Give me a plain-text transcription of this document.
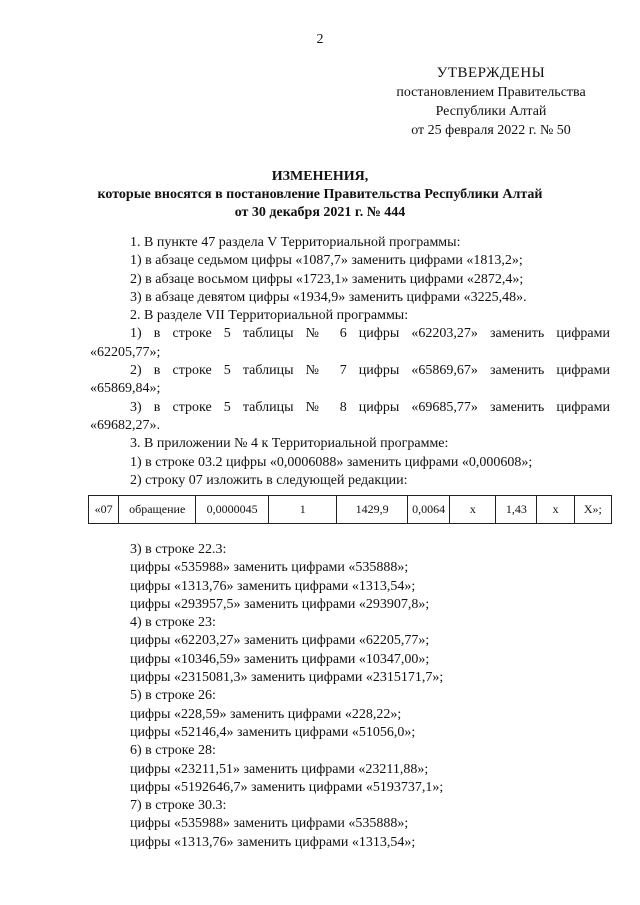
2
УТВЕРЖДЕНЫ
постановлением Правительства
Республики Алтай
от 25 февраля 2022 г. № 50
ИЗМЕНЕНИЯ,
которые вносятся в постановление Правительства Республики Алтай
от 30 декабря 2021 г. № 444
1. В пункте 47 раздела V Территориальной программы:
1) в абзаце седьмом цифры «1087,7» заменить цифрами «1813,2»;
2) в абзаце восьмом цифры «1723,1» заменить цифрами «2872,4»;
3) в абзаце девятом цифры «1934,9» заменить цифрами «3225,48».
2. В разделе VII Территориальной программы:
1) в строке 5 таблицы № 6 цифры «62203,27» заменить цифрами
«62205,77»;
2) в строке 5 таблицы № 7 цифры «65869,67» заменить цифрами
«65869,84»;
3) в строке 5 таблицы № 8 цифры «69685,77» заменить цифрами
«69682,27».
3. В приложении № 4 к Территориальной программе:
1) в строке 03.2 цифры «0,0006088» заменить цифрами «0,000608»;
2) строку 07 изложить в следующей редакции:
«07	обращение	0,0000045	1	1429,9	0,0064	х	1,43	х	Х»;
3) в строке 22.3:
цифры «535988» заменить цифрами «535888»;
цифры «1313,76» заменить цифрами «1313,54»;
цифры «293957,5» заменить цифрами «293907,8»;
4) в строке 23:
цифры «62203,27» заменить цифрами «62205,77»;
цифры «10346,59» заменить цифрами «10347,00»;
цифры «2315081,3» заменить цифрами «2315171,7»;
5) в строке 26:
цифры «228,59» заменить цифрами «228,22»;
цифры «52146,4» заменить цифрами «51056,0»;
6) в строке 28:
цифры «23211,51» заменить цифрами «23211,88»;
цифры «5192646,7» заменить цифрами «5193737,1»;
7) в строке 30.3:
цифры «535988» заменить цифрами «535888»;
цифры «1313,76» заменить цифрами «1313,54»;
